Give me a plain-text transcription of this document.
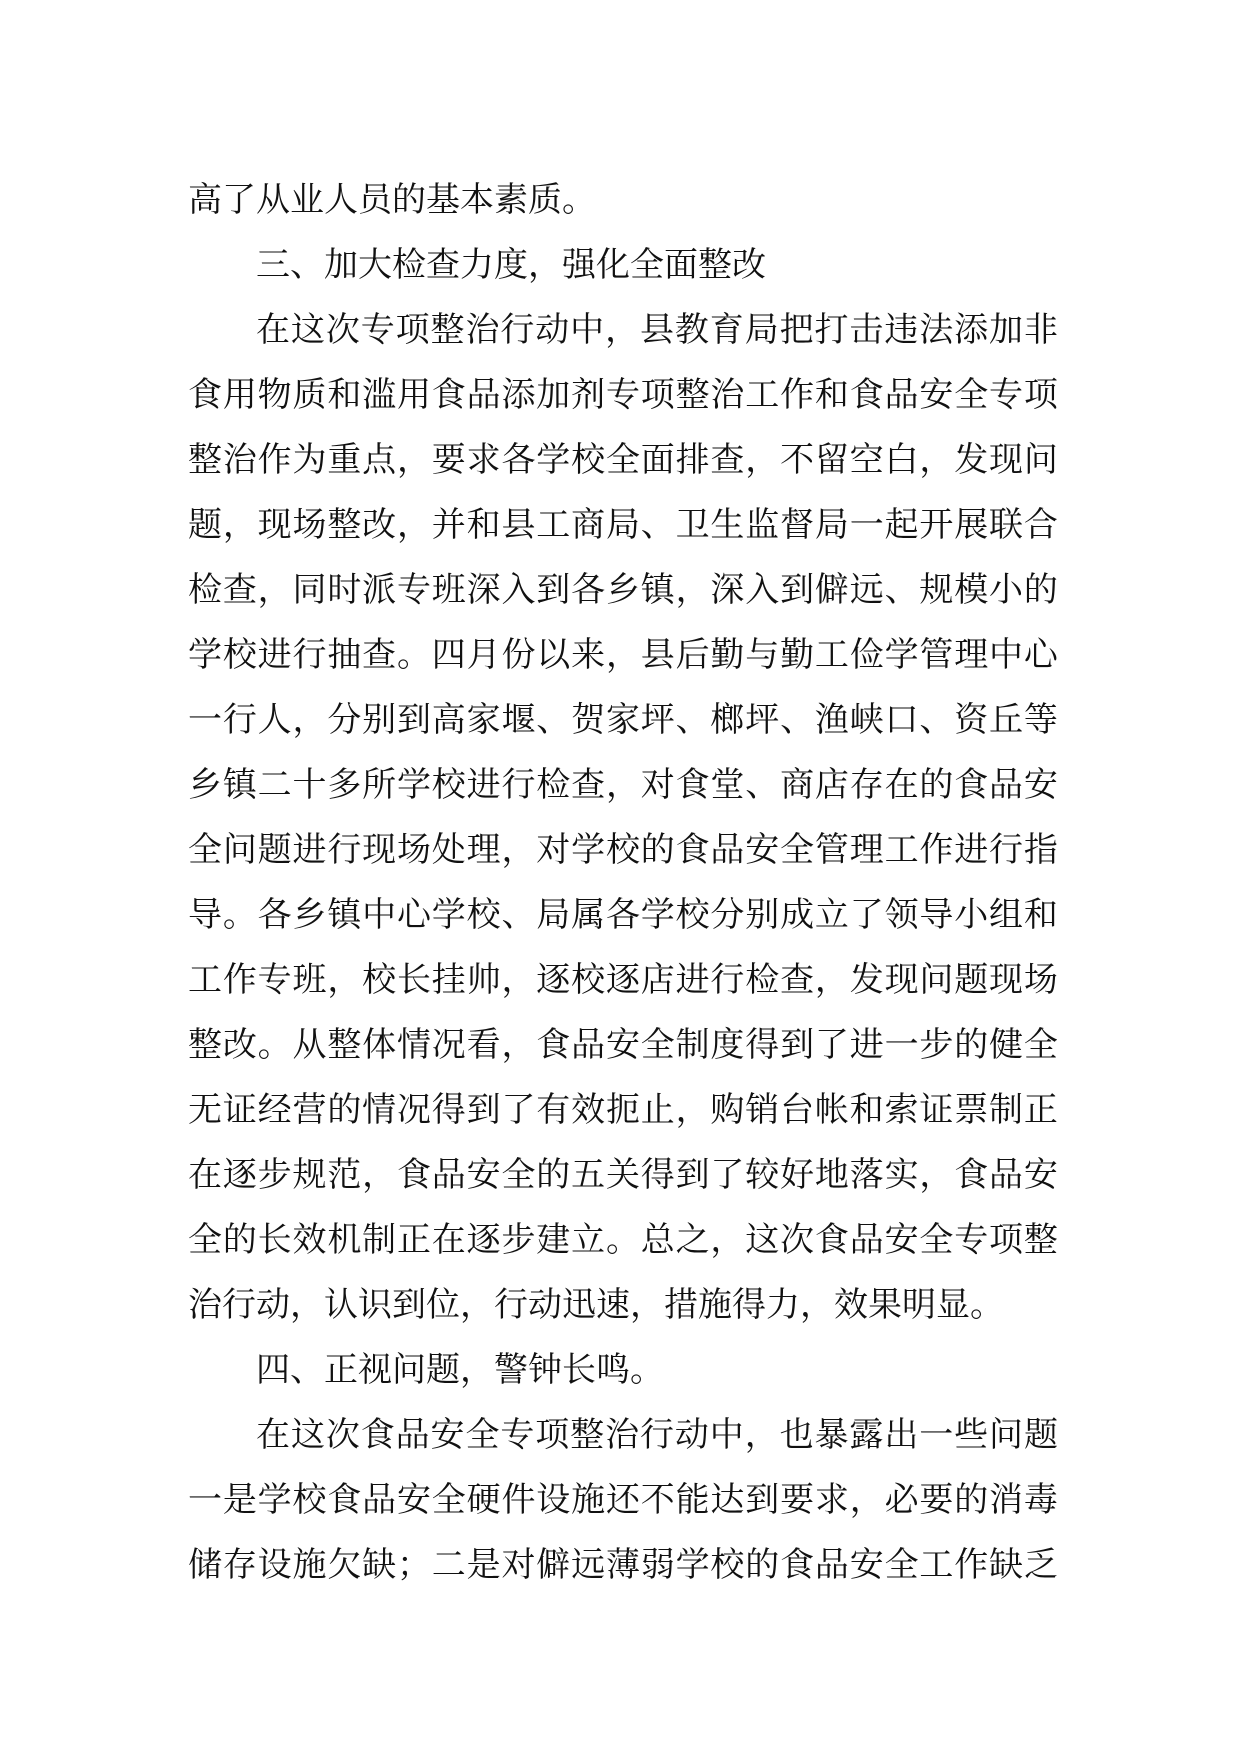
高了从业人员的基本素质。
三、加大检查力度，强化全面整改
在 这 次 专 项 整 治 行 动 中 ， 县 教 育 局 把 打 击 违 法 添 加 非
食 用 物 质 和 滥 用 食 品 添 加 剂 专 项 整 治 工 作 和 食 品 安 全 专 项
整 治 作 为 重 点 ， 要 求 各 学 校 全 面 排 查 ， 不 留 空 白 ， 发 现 问
题 ， 现 场 整 改 ， 并 和 县 工 商 局 、 卫 生 监 督 局 一 起 开 展 联 合
检 查 ， 同 时 派 专 班 深 入 到 各 乡 镇 ， 深 入 到 僻 远 、 规 模 小 的
学 校 进 行 抽 查 。 四 月 份 以 来 ， 县 后 勤 与 勤 工 俭 学 管 理 中 心
一 行 人 ， 分 别 到 高 家 堰 、 贺 家 坪 、 榔 坪 、 渔 峡 口 、 资 丘 等
乡 镇 二 十 多 所 学 校 进 行 检 查 ， 对 食 堂 、 商 店 存 在 的 食 品 安
全 问 题 进 行 现 场 处 理 ， 对 学 校 的 食 品 安 全 管 理 工 作 进 行 指
导 。 各 乡 镇 中 心 学 校 、 局 属 各 学 校 分 别 成 立 了 领 导 小 组 和
工 作 专 班 ， 校 长 挂 帅 ， 逐 校 逐 店 进 行 检 查 ， 发 现 问 题 现 场
整 改 。 从 整 体 情 况 看 ， 食 品 安 全 制 度 得 到 了 进 一 步 的 健 全
无 证 经 营 的 情 况 得 到 了 有 效 扼 止 ， 购 销 台 帐 和 索 证 票 制 正
在 逐 步 规 范 ， 食 品 安 全 的 五 关 得 到 了 较 好 地 落 实 ， 食 品 安
全 的 长 效 机 制 正 在 逐 步 建 立 。 总 之 ， 这 次 食 品 安 全 专 项 整
治行动，认识到位，行动迅速，措施得力，效果明显。
四、正视问题，警钟长鸣。
在 这 次 食 品 安 全 专 项 整 治 行 动 中 ， 也 暴 露 出 一 些 问 题
一 是 学 校 食 品 安 全 硬 件 设 施 还 不 能 达 到 要 求 ， 必 要 的 消 毒
储 存 设 施 欠 缺 ； 二 是 对 僻 远 薄 弱 学 校 的 食 品 安 全 工 作 缺 乏
